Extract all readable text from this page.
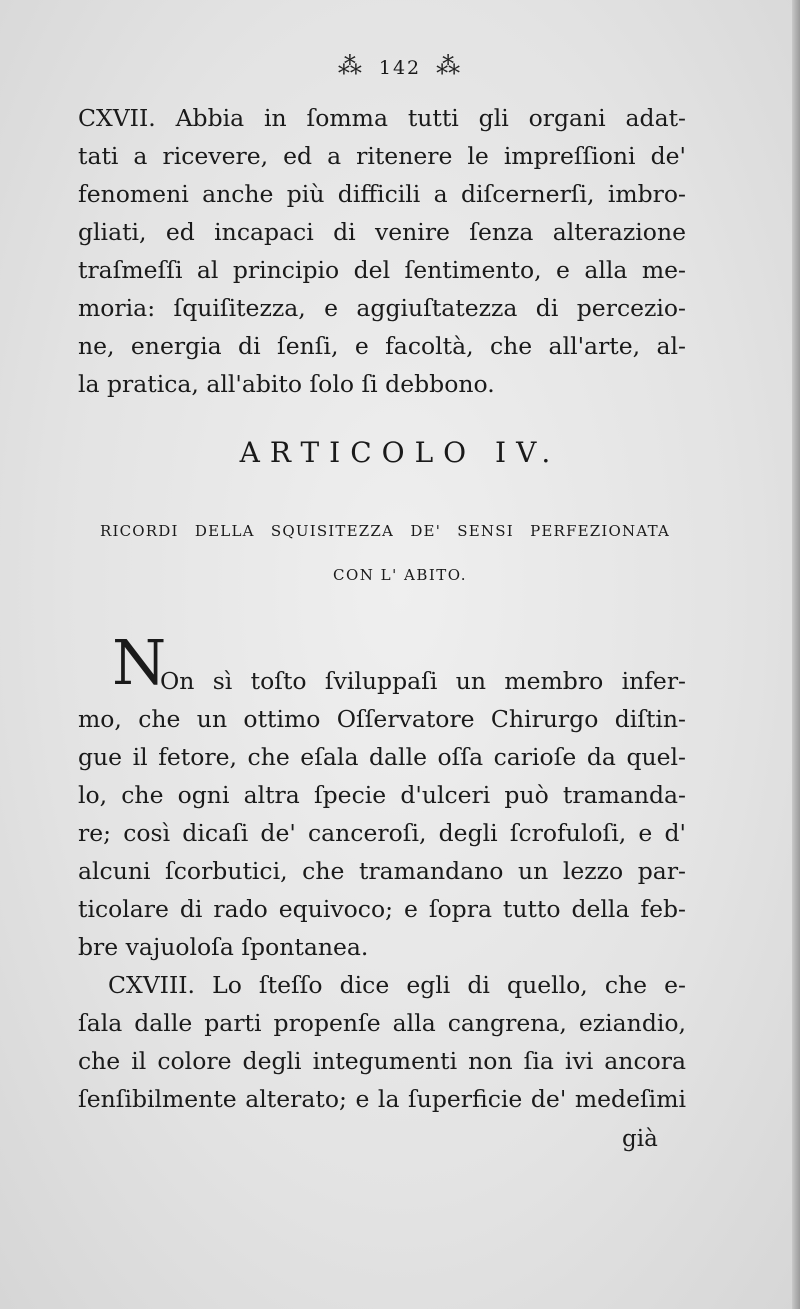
⁂ 142 ⁂
CXVII. Abbia in ſomma tutti gli organi adat-
tati a ricevere, ed a ritenere le impreſſioni de'
fenomeni anche più difficili a diſcernerſi, imbro-
gliati, ed incapaci di venire ſenza alterazione
traſmeſſi al principio del ſentimento, e alla me-
moria: ſquiſitezza, e aggiuſtatezza di percezio-
ne, energia di ſenſi, e facoltà, che all'arte, al-
la pratica, all'abito ſolo ſi debbono.
ARTICOLO IV.
RICORDI DELLA SQUISITEZZA DE' SENSI PERFEZIONATA
CON L' ABITO.
N
On sì toſto ſviluppaſi un membro infer-
mo, che un ottimo Oſſervatore Chirurgo diſtin-
gue il fetore, che eſala dalle oſſa carioſe da quel-
lo, che ogni altra ſpecie d'ulceri può tramanda-
re; così dicaſi de' canceroſi, degli ſcrofuloſi, e d'
alcuni ſcorbutici, che tramandano un lezzo par-
ticolare di rado equivoco; e ſopra tutto della feb-
bre vajuoloſa ſpontanea.
CXVIII. Lo ſteſſo dice egli di quello, che e-
ſala dalle parti propenſe alla cangrena, eziandio,
che il colore degli integumenti non ſia ivi ancora
ſenſibilmente alterato; e la ſuperficie de' medeſimi
già
